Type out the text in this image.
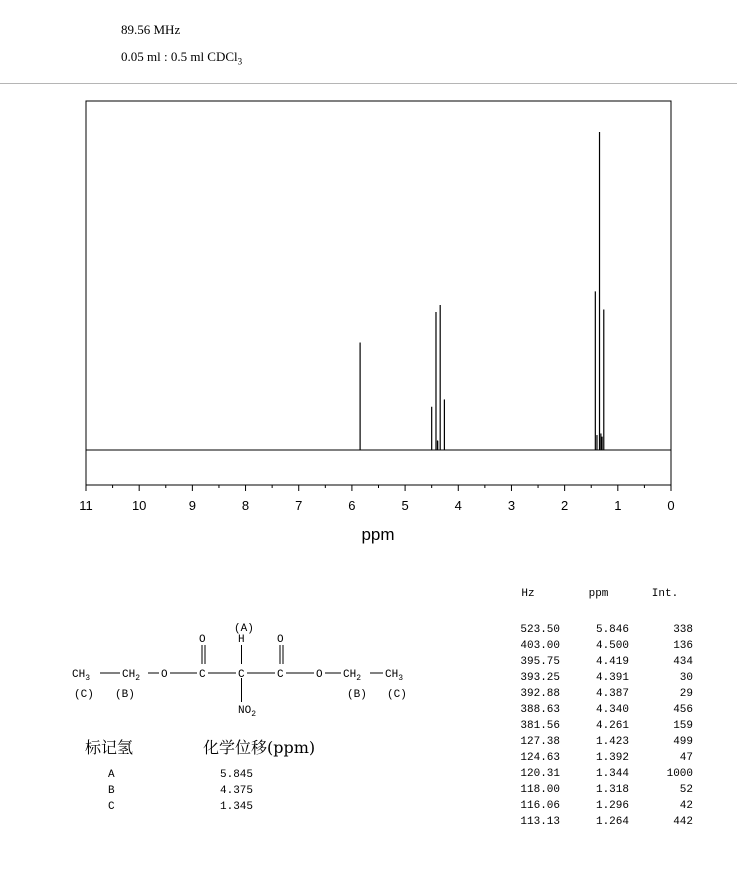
89.56 MHz
0.05 ml : 0.5 ml CDCl$_3$
11	10	9	8	7	6	5	4	3	2	1	0
ppm
Hz	ppm	Int.

523.50	5.846	338
403.00	4.500	136
395.75	4.419	434
393.25	4.391	30
392.88	4.387	29
388.63	4.340	456
381.56	4.261	159
127.38	1.423	499
124.63	1.392	47
120.31	1.344	1000
118.00	1.318	52
116.06	1.296	42
113.13	1.264	442
(A)
H
O	O
$CH_3$	$CH_2$ O	C	C	C	O $CH_2$ $CH_3$
(C) (B)	(B) (C)
$NO_2$
标记氢	化学位移(ppm)
A	5.845
B	4.375
C	1.345
